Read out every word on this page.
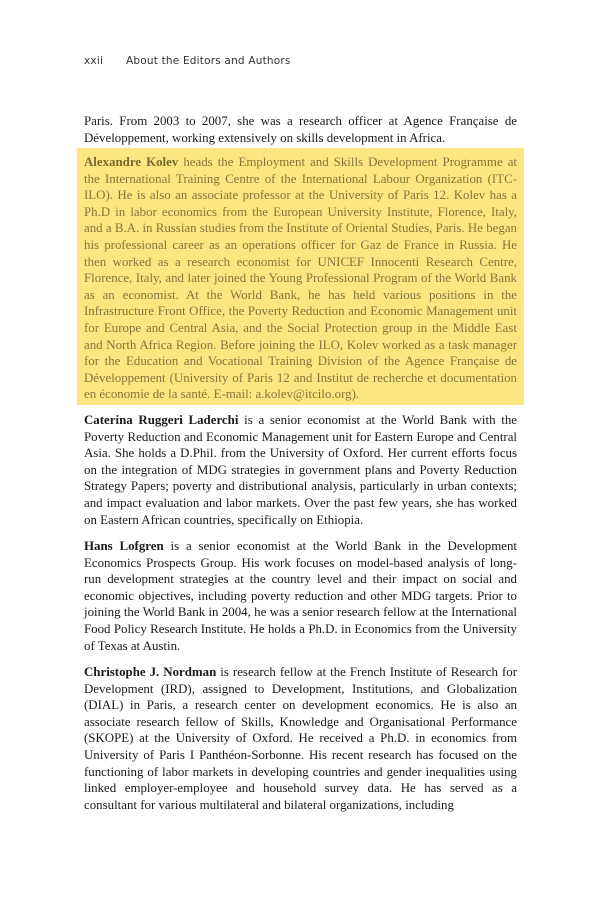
xxii About the Editors and Authors

Paris. From 2003 to 2007, she was a research officer at Agence Française de Développement, working extensively on skills development in Africa.

Alexandre Kolev heads the Employment and Skills Development Programme at the International Training Centre of the International Labour Organization (ITC-ILO). He is also an associate professor at the University of Paris 12. Kolev has a Ph.D in labor economics from the European University Institute, Florence, Italy, and a B.A. in Russian studies from the Institute of Oriental Studies, Paris. He began his professional career as an operations officer for Gaz de France in Russia. He then worked as a research economist for UNICEF Innocenti Research Centre, Florence, Italy, and later joined the Young Professional Program of the World Bank as an economist. At the World Bank, he has held various positions in the Infrastructure Front Office, the Poverty Reduction and Economic Management unit for Europe and Central Asia, and the Social Protection group in the Middle East and North Africa Region. Before joining the ILO, Kolev worked as a task manager for the Education and Vocational Training Division of the Agence Française de Développement (University of Paris 12 and Institut de recherche et documentation en économie de la santé. E-mail: a.kolev@itcilo.org).

Caterina Ruggeri Laderchi is a senior economist at the World Bank with the Poverty Reduction and Economic Management unit for Eastern Europe and Central Asia. She holds a D.Phil. from the University of Oxford. Her current efforts focus on the integration of MDG strategies in government plans and Poverty Reduction Strategy Papers; poverty and distributional analysis, particularly in urban contexts; and impact evaluation and labor markets. Over the past few years, she has worked on Eastern African countries, specifically on Ethiopia.

Hans Lofgren is a senior economist at the World Bank in the Development Economics Prospects Group. His work focuses on model-based analysis of long-run development strategies at the country level and their impact on social and economic objectives, including poverty reduction and other MDG targets. Prior to joining the World Bank in 2004, he was a senior research fellow at the International Food Policy Research Institute. He holds a Ph.D. in Economics from the University of Texas at Austin.

Christophe J. Nordman is research fellow at the French Institute of Research for Development (IRD), assigned to Development, Institutions, and Globalization (DIAL) in Paris, a research center on development economics. He is also an associate research fellow of Skills, Knowledge and Organisational Performance (SKOPE) at the University of Oxford. He received a Ph.D. in economics from University of Paris I Panthéon-Sorbonne. His recent research has focused on the functioning of labor markets in developing countries and gender inequalities using linked employer-employee and household survey data. He has served as a consultant for various multilateral and bilateral organizations, including
